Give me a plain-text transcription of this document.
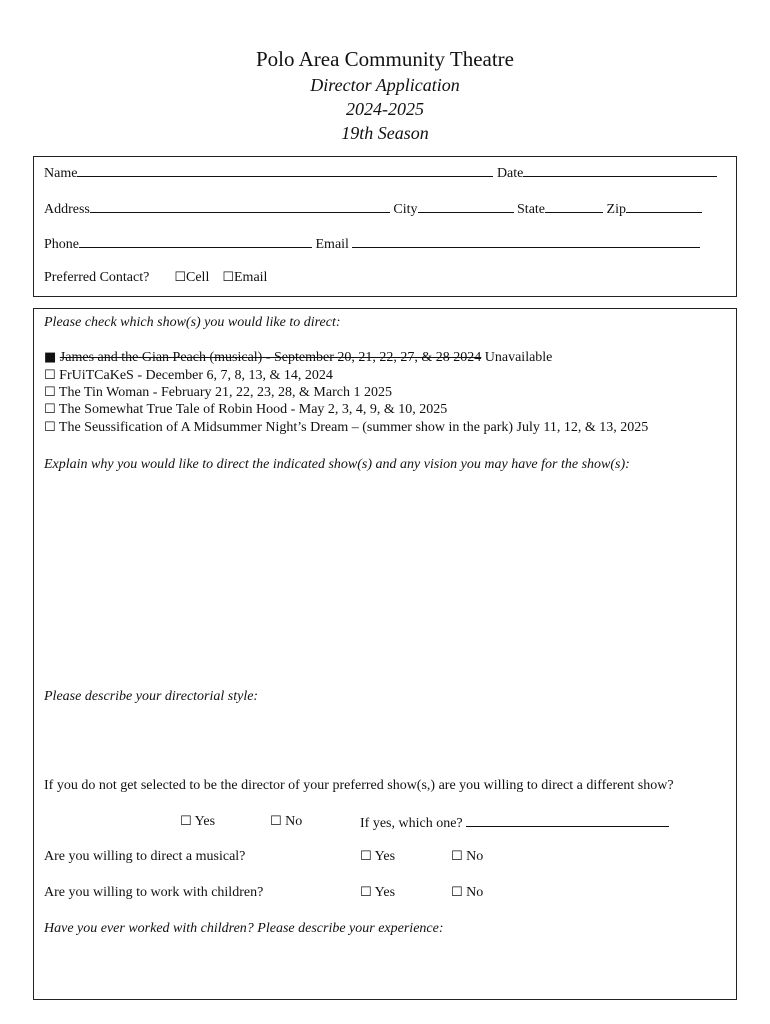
Polo Area Community Theatre
Director Application
2024-2025
19th Season
Name	Date
Address	City	State	Zip
Phone	Email
Preferred Contact? ☐Cell ☐Email
Please check which show(s) you would like to direct:
■ James and the Gian Peach (musical) - September 20, 21, 22, 27, & 28 2024 Unavailable
☐ FrUiTCaKeS - December 6, 7, 8, 13, & 14, 2024
☐ The Tin Woman - February 21, 22, 23, 28, & March 1 2025
☐ The Somewhat True Tale of Robin Hood - May 2, 3, 4, 9, & 10, 2025
☐ The Seussification of A Midsummer Night’s Dream – (summer show in the park) July 11, 12, & 13, 2025
Explain why you would like to direct the indicated show(s) and any vision you may have for the show(s):
Please describe your directorial style:
If you do not get selected to be the director of your preferred show(s,) are you willing to direct a different show?
☐ Yes	☐ No	If yes, which one?
Are you willing to direct a musical?	☐ Yes	☐ No
Are you willing to work with children?	☐ Yes	☐ No
Have you ever worked with children? Please describe your experience:
